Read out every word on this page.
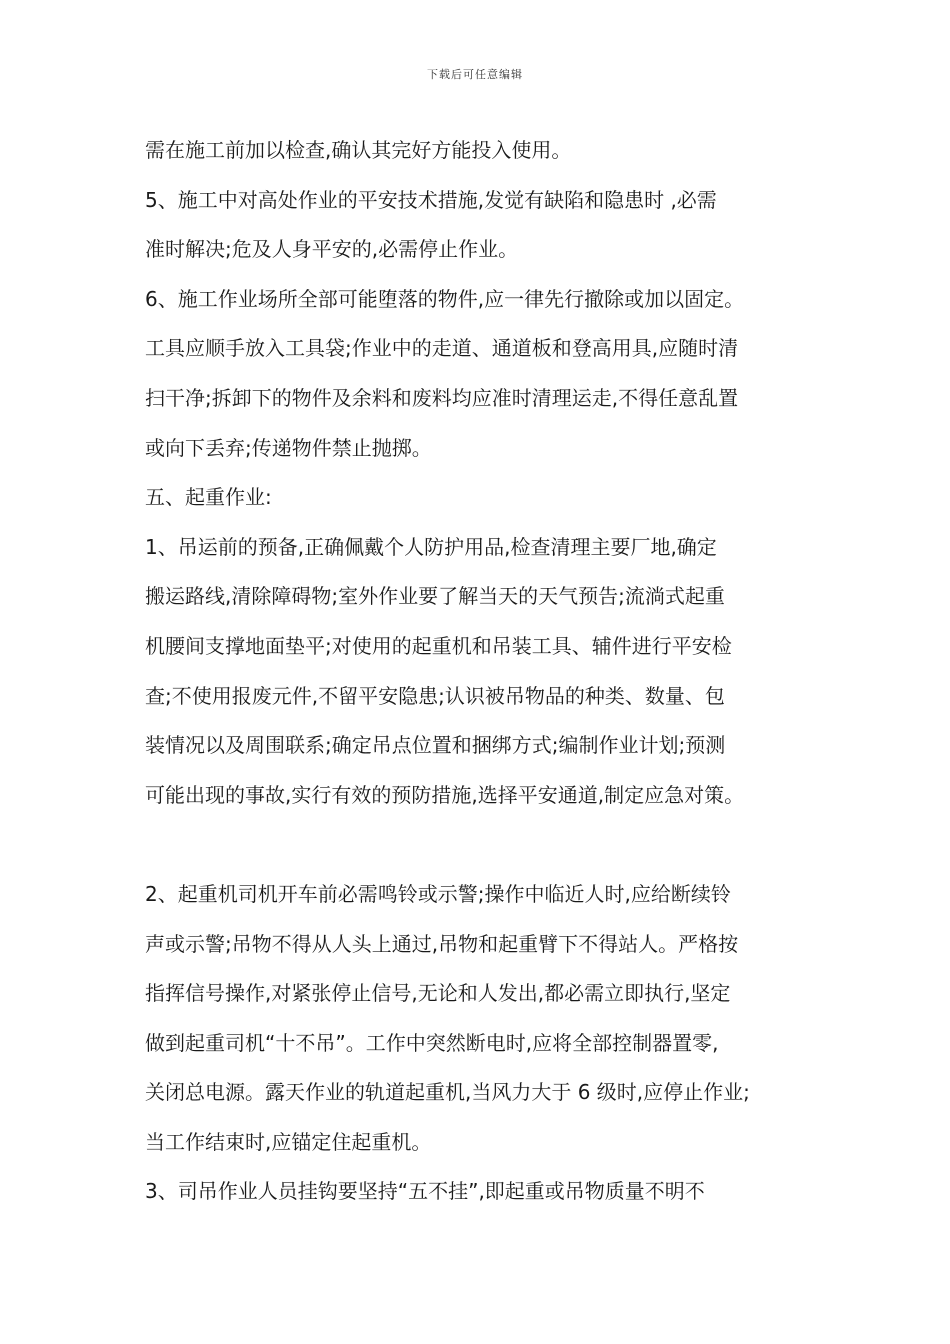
下载后可任意编辑
需在施工前加以检查,确认其完好方能投入使用。
5、施工中对高处作业的平安技术措施,发觉有缺陷和隐患时 ,必需
准时解决;危及人身平安的,必需停止作业。
6、施工作业场所全部可能堕落的物件,应一律先行撤除或加以固定。
工具应顺手放入工具袋;作业中的走道、通道板和登高用具,应随时清
扫干净;拆卸下的物件及余料和废料均应准时清理运走,不得任意乱置
或向下丢弃;传递物件禁止抛掷。
五、起重作业:
1、吊运前的预备,正确佩戴个人防护用品,检查清理主要厂地,确定
搬运路线,清除障碍物;室外作业要了解当天的天气预告;流淌式起重
机腰间支撑地面垫平;对使用的起重机和吊装工具、辅件进行平安检
查;不使用报废元件,不留平安隐患;认识被吊物品的种类、数量、包
装情况以及周围联系;确定吊点位置和捆绑方式;编制作业计划;预测
可能出现的事故,实行有效的预防措施,选择平安通道,制定应急对策。
2、起重机司机开车前必需鸣铃或示警;操作中临近人时,应给断续铃
声或示警;吊物不得从人头上通过,吊物和起重臂下不得站人。严格按
指挥信号操作,对紧张停止信号,无论和人发出,都必需立即执行,坚定
做到起重司机“十不吊”。工作中突然断电时,应将全部控制器置零,
关闭总电源。露天作业的轨道起重机,当风力大于 6 级时,应停止作业;
当工作结束时,应锚定住起重机。
3、司吊作业人员挂钩要坚持“五不挂”,即起重或吊物质量不明不
